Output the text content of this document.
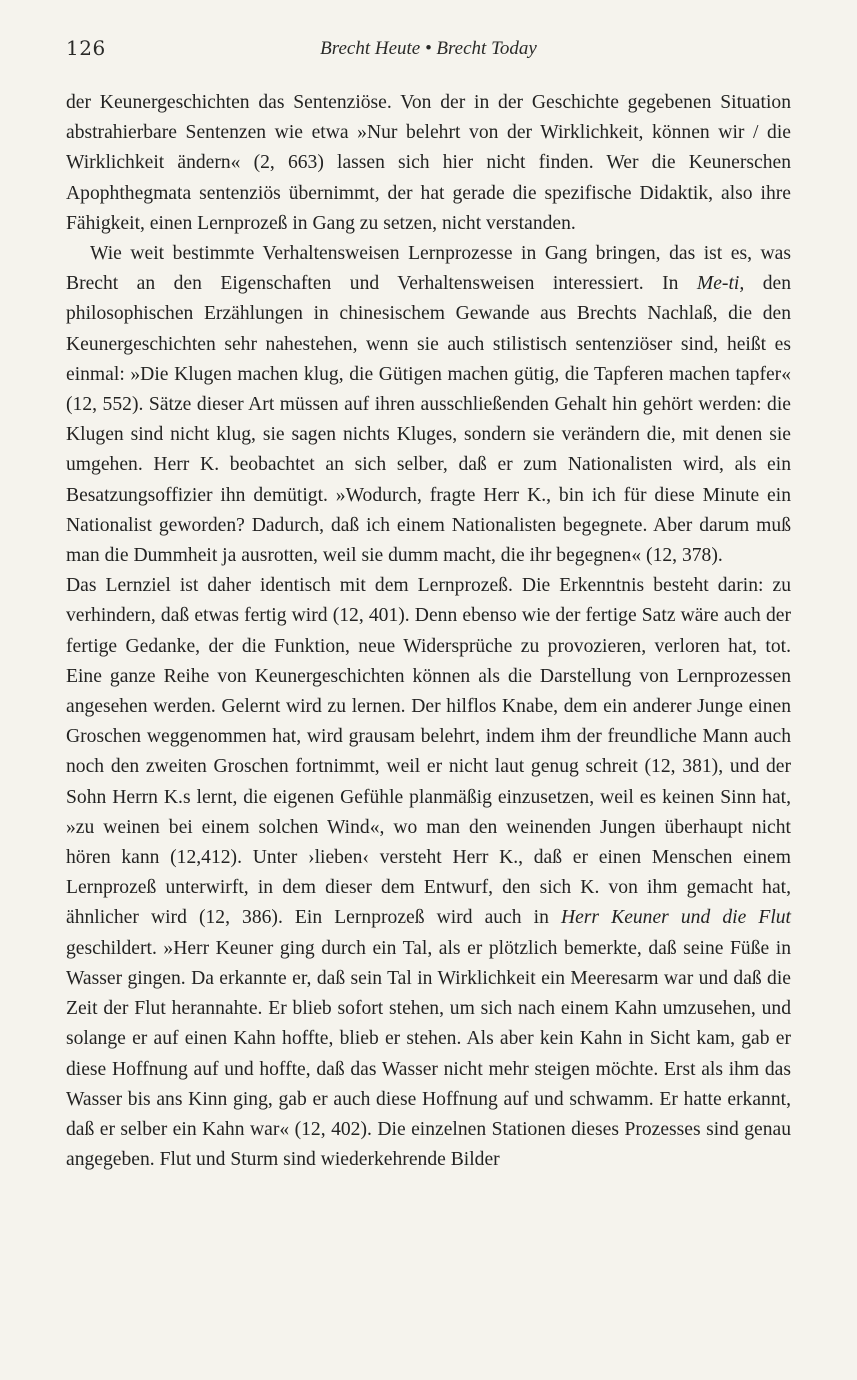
126	Brecht Heute • Brecht Today

der Keunergeschichten das Sentenziöse. Von der in der Geschichte gegebenen Situation abstrahierbare Sentenzen wie etwa »Nur belehrt von der Wirklichkeit, können wir / die Wirklichkeit ändern« (2, 663) lassen sich hier nicht finden. Wer die Keunerschen Apophthegmata sentenziös übernimmt, der hat gerade die spezifische Didaktik, also ihre Fähigkeit, einen Lernprozeß in Gang zu setzen, nicht verstanden.

Wie weit bestimmte Verhaltensweisen Lernprozesse in Gang bringen, das ist es, was Brecht an den Eigenschaften und Verhaltensweisen interessiert. In Me-ti, den philosophischen Erzählungen in chinesischem Gewande aus Brechts Nachlaß, die den Keunergeschichten sehr nahestehen, wenn sie auch stilistisch sentenziöser sind, heißt es einmal: »Die Klugen machen klug, die Gütigen machen gütig, die Tapferen machen tapfer« (12, 552). Sätze dieser Art müssen auf ihren ausschließenden Gehalt hin gehört werden: die Klugen sind nicht klug, sie sagen nichts Kluges, sondern sie verändern die, mit denen sie umgehen. Herr K. beobachtet an sich selber, daß er zum Nationalisten wird, als ein Besatzungsoffizier ihn demütigt. »Wodurch, fragte Herr K., bin ich für diese Minute ein Nationalist geworden? Dadurch, daß ich einem Nationalisten begegnete. Aber darum muß man die Dummheit ja ausrotten, weil sie dumm macht, die ihr begegnen« (12, 378).

Das Lernziel ist daher identisch mit dem Lernprozeß. Die Erkenntnis besteht darin: zu verhindern, daß etwas fertig wird (12, 401). Denn ebenso wie der fertige Satz wäre auch der fertige Gedanke, der die Funktion, neue Widersprüche zu provozieren, verloren hat, tot. Eine ganze Reihe von Keunergeschichten können als die Darstellung von Lernprozessen angesehen werden. Gelernt wird zu lernen. Der hilflos Knabe, dem ein anderer Junge einen Groschen weggenommen hat, wird grausam belehrt, indem ihm der freundliche Mann auch noch den zweiten Groschen fortnimmt, weil er nicht laut genug schreit (12, 381), und der Sohn Herrn K.s lernt, die eigenen Gefühle planmäßig einzusetzen, weil es keinen Sinn hat, »zu weinen bei einem solchen Wind«, wo man den weinenden Jungen überhaupt nicht hören kann (12,412). Unter ›lieben‹ versteht Herr K., daß er einen Menschen einem Lernprozeß unterwirft, in dem dieser dem Entwurf, den sich K. von ihm gemacht hat, ähnlicher wird (12, 386). Ein Lernprozeß wird auch in Herr Keuner und die Flut geschildert. »Herr Keuner ging durch ein Tal, als er plötzlich bemerkte, daß seine Füße in Wasser gingen. Da erkannte er, daß sein Tal in Wirklichkeit ein Meeresarm war und daß die Zeit der Flut herannahte. Er blieb sofort stehen, um sich nach einem Kahn umzusehen, und solange er auf einen Kahn hoffte, blieb er stehen. Als aber kein Kahn in Sicht kam, gab er diese Hoffnung auf und hoffte, daß das Wasser nicht mehr steigen möchte. Erst als ihm das Wasser bis ans Kinn ging, gab er auch diese Hoffnung auf und schwamm. Er hatte erkannt, daß er selber ein Kahn war« (12, 402). Die einzelnen Stationen dieses Prozesses sind genau angegeben. Flut und Sturm sind wiederkehrende Bilder
